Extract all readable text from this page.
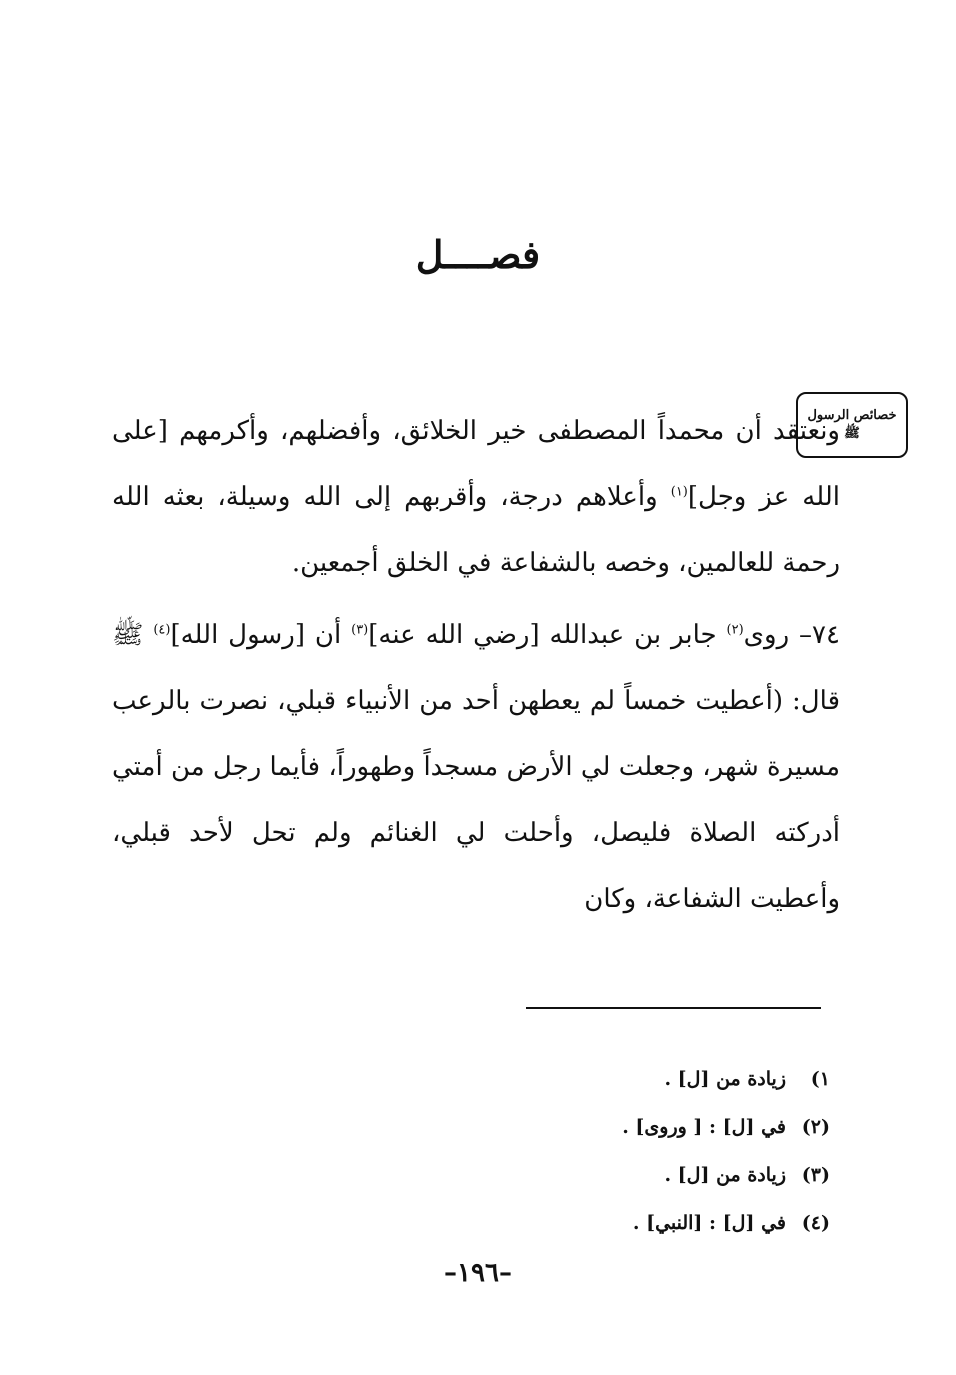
فصــــل
خصائص الرسول
ﷺ

ونعتقد أن محمداً المصطفى خير الخلائق، وأفضلهم، وأكرمهم [على الله عز وجل]$^{(١)}$ وأعلاهم درجة، وأقربهم إلى الله وسيلة، بعثه الله رحمة للعالمين، وخصه بالشفاعة في الخلق أجمعين.

٧٤– روى$^{(٢)}$ جابر بن عبدالله [رضي الله عنه]$^{(٣)}$ أن [رسول الله]$^{(٤)}$ ﷺ قال: (أعطيت خمساً لم يعطهن أحد من الأنبياء قبلي، نصرت بالرعب مسيرة شهر، وجعلت لي الأرض مسجداً وطهوراً، فأيما رجل من أمتي أدركته الصلاة فليصل، وأحلت لي الغنائم ولم تحل لأحد قبلي، وأعطيت الشفاعة، وكان

١)
زيادة من [ل] .
(٢)
في [ل] : [ وروى] .
(٣)
زيادة من [ل] .
(٤)
في [ل] : [النبي] .
–١٩٦–
